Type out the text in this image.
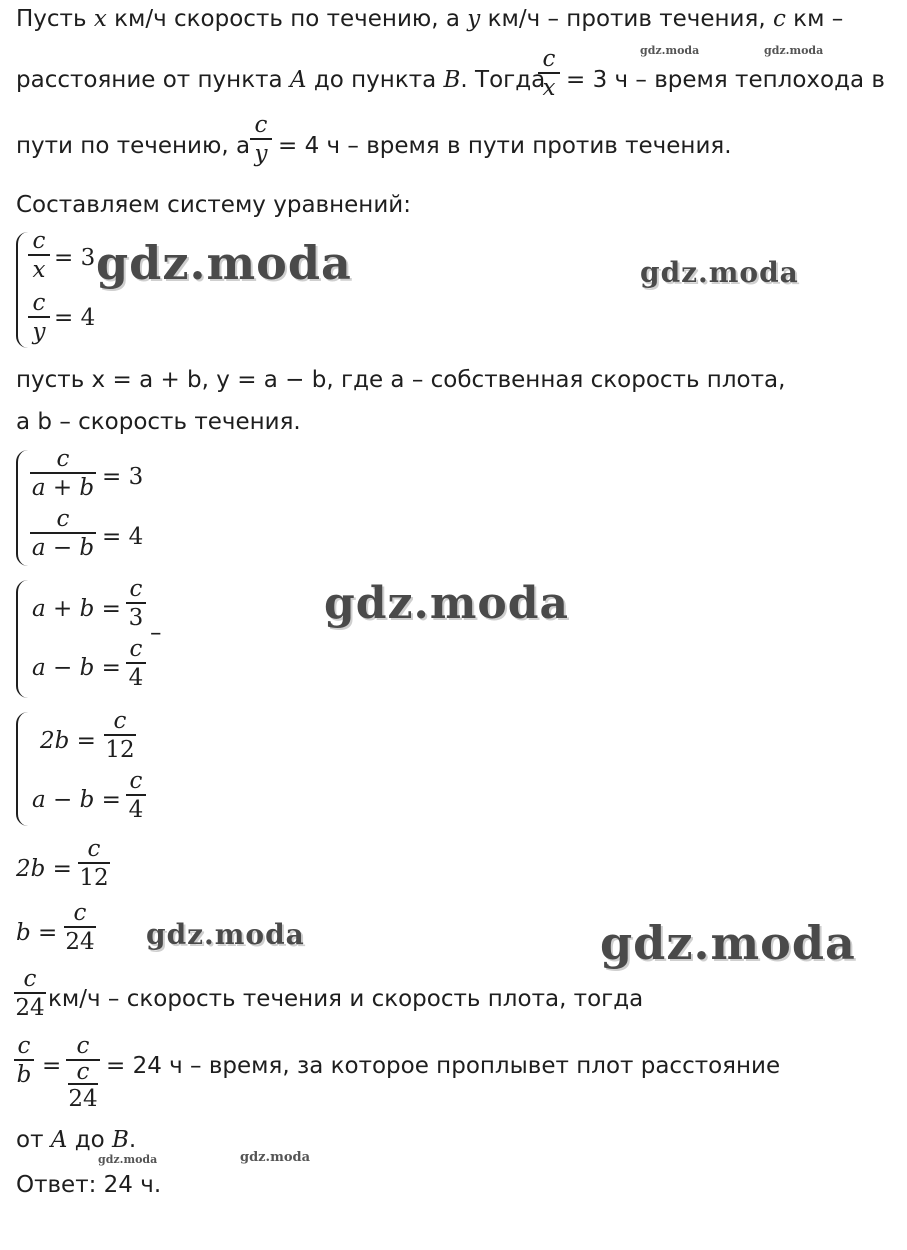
Пусть x км/ч скорость по течению, а y км/ч – против течения, c км –
расстояние от пункта A до пункта B. Тогда
c
x = 3 ч – время теплохода в
пути по течению, а
c
y = 4 ч – время в пути против течения.
Составляем систему уравнений:
c
x = 3
c
y
= 4
пусть x = a + b, y = a − b, где a – собственная скорость плота,
а b – скорость течения.
c
a + b = 3
c
a − b = 4
a + b =
c
3
–
a − b =
c
4
2b =
c
12
a − b =
c
4
2b =
c
12
b =
c
24
c
24 км/ч – скорость течения и скорость плота, тогда
c
b =
c
c
24
= 24 ч – время, за которое проплывет плот расстояние
от A до B.
Ответ: 24 ч.
gdz.moda	gdz.moda
gdz.moda
gdz.moda	gdz.moda
gdz.moda	gdz.moda
gdz.moda	gdz.moda
